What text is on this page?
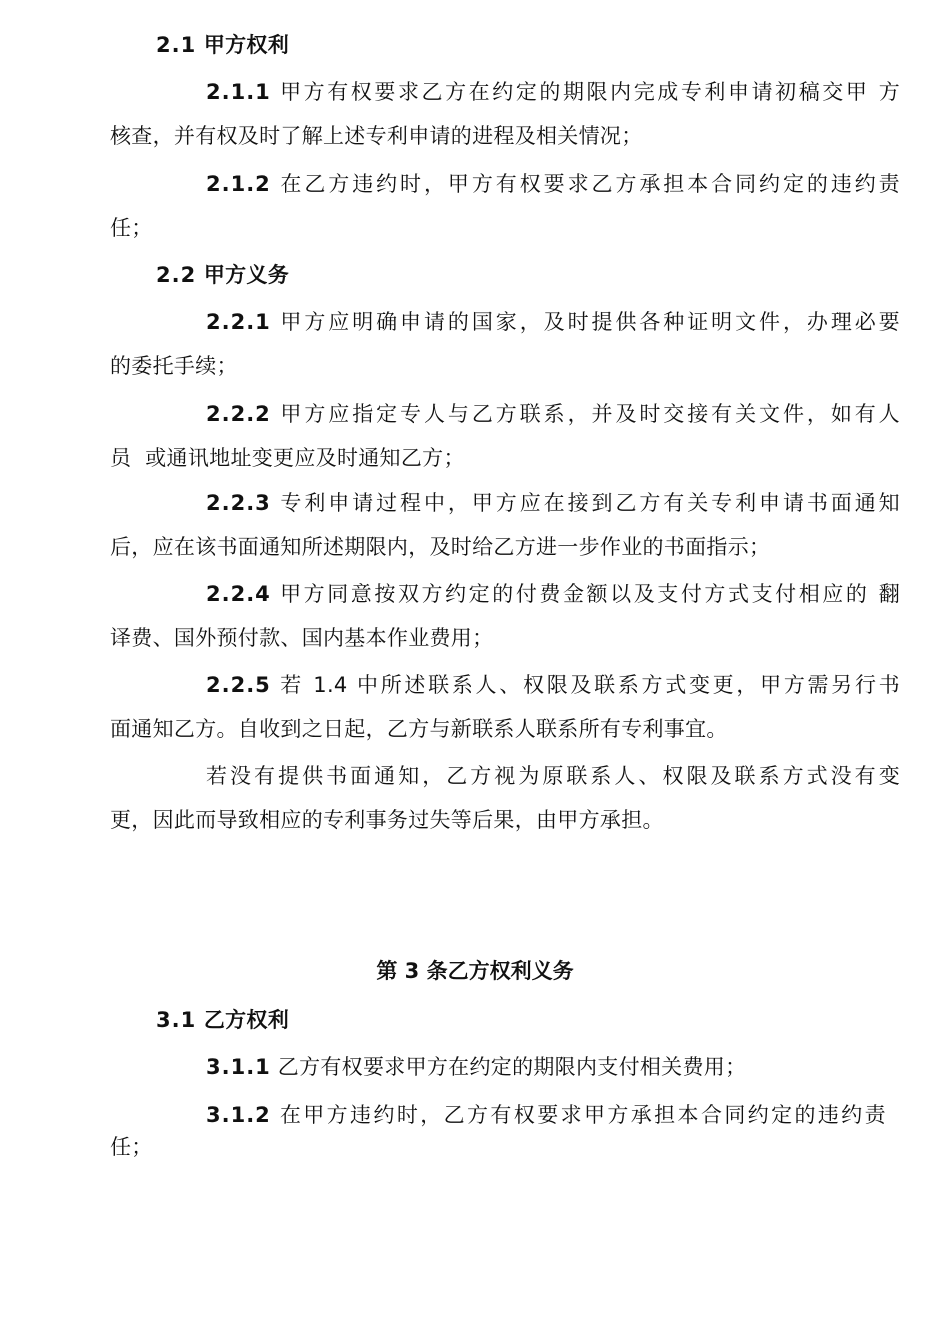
2.1 甲方权利
2.1.1 甲方有权要求乙方在约定的期限内完成专利申请初稿交甲 方
核查，并有权及时了解上述专利申请的进程及相关情况；
2.1.2 在乙方违约时，甲方有权要求乙方承担本合同约定的违约责
任；
2.2 甲方义务
2.2.1 甲方应明确申请的国家，及时提供各种证明文件，办理必要
的委托手续；
2.2.2 甲方应指定专人与乙方联系，并及时交接有关文件，如有人
员  或通讯地址变更应及时通知乙方；
2.2.3 专利申请过程中，甲方应在接到乙方有关专利申请书面通知
后，应在该书面通知所述期限内，及时给乙方进一步作业的书面指示；
2.2.4 甲方同意按双方约定的付费金额以及支付方式支付相应的 翻
译费、国外预付款、国内基本作业费用；
2.2.5 若 1.4 中所述联系人、权限及联系方式变更，甲方需另行书
面通知乙方。自收到之日起，乙方与新联系人联系所有专利事宜。
若没有提供书面通知，乙方视为原联系人、权限及联系方式没有变
更，因此而导致相应的专利事务过失等后果，由甲方承担。
3.1 乙方权利
3.1.1 乙方有权要求甲方在约定的期限内支付相关费用；
3.1.2 在甲方违约时，乙方有权要求甲方承担本合同约定的违约责
任；
第 3 条乙方权利义务
